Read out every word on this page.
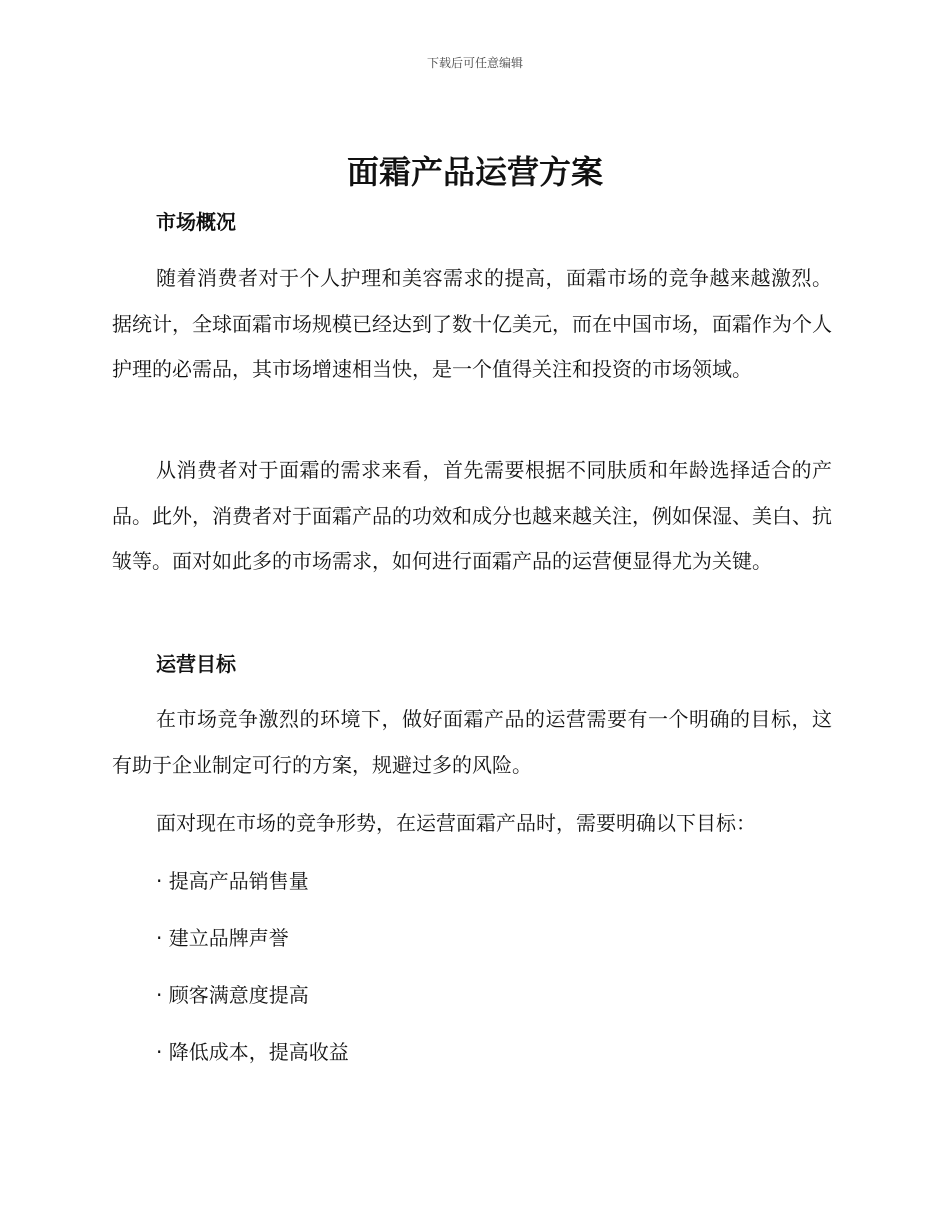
下载后可任意编辑
面霜产品运营方案
市场概况

随着消费者对于个人护理和美容需求的提高，面霜市场的竞争越来越激烈。据统计，全球面霜市场规模已经达到了数十亿美元，而在中国市场，面霜作为个人护理的必需品，其市场增速相当快，是一个值得关注和投资的市场领域。

从消费者对于面霜的需求来看，首先需要根据不同肤质和年龄选择适合的产品。此外，消费者对于面霜产品的功效和成分也越来越关注，例如保湿、美白、抗皱等。面对如此多的市场需求，如何进行面霜产品的运营便显得尤为关键。

运营目标

在市场竞争激烈的环境下，做好面霜产品的运营需要有一个明确的目标，这有助于企业制定可行的方案，规避过多的风险。

面对现在市场的竞争形势，在运营面霜产品时，需要明确以下目标：

· 提高产品销售量

· 建立品牌声誉

· 顾客满意度提高

· 降低成本，提高收益
